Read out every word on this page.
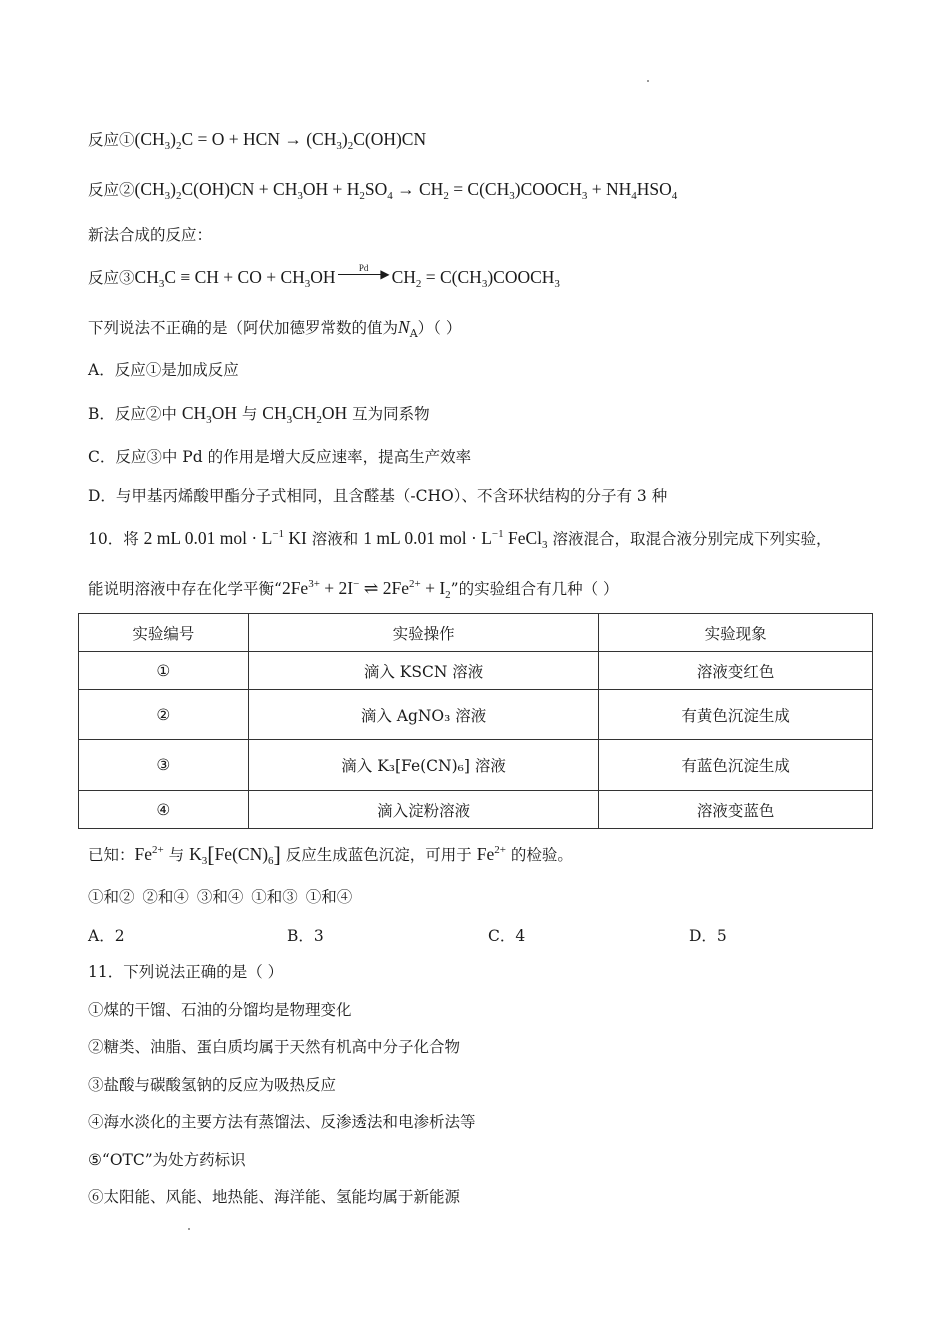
反应$①(CH_3)_2C = O$ + HCN → $(CH_3)_2C(OH)CN$
反应$②(CH_3)_2C(OH)CN + CH_3OH + H_2SO_4 \to CH_2$ = $C(CH_3)COOCH_3 + NH_4HSO_4$
新法合成的反应：
反应$③CH_3C$ ≡ CH + CO + $CH_3OH$	Pd	▶ $CH_2$ = $C(CH_3)COOCH_3$
下列说法不正确的是（阿伏加德罗常数的值为$N_A$）（ ）
A．反应①是加成反应
B．反应②中 $CH_3OH$ 与 $CH_3CH_2OH$ 互为同系物
C．反应③中 Pd 的作用是增大反应速率，提高生产效率
D．与甲基丙烯酸甲酯分子式相同，且含醛基（-CHO）、不含环状结构的分子有 3 种
10．将 2 mL 0.01 mol · $L^{-1}$ KI 溶液和 1 mL 0.01 mol · $L^{-1}$ FeCl$_3$ 溶液混合，取混合液分别完成下列实验，
能说明溶液中存在化学平衡“$2Fe^{3+} + 2I^-$ ⇌ $2Fe^{2+} + I_2$”的实验组合有几种（ ）
实验编号	实验操作	实验现象
①	滴入 KSCN 溶液	溶液变红色
②	滴入 AgNO₃ 溶液	有黄色沉淀生成
③	滴入 K₃[Fe(CN)₆] 溶液	有蓝色沉淀生成
④	滴入淀粉溶液	溶液变蓝色
已知：$Fe^{2+}$ 与 $K_3[Fe(CN)_6]$ 反应生成蓝色沉淀，可用于 $Fe^{2+}$ 的检验。
①和② ②和④ ③和④ ①和③ ①和④
A．2	B．3	C．4	D．5
11．下列说法正确的是（ ）
①煤的干馏、石油的分馏均是物理变化
②糖类、油脂、蛋白质均属于天然有机高中分子化合物
③盐酸与碳酸氢钠的反应为吸热反应
④海水淡化的主要方法有蒸馏法、反渗透法和电渗析法等
⑤“OTC”为处方药标识
⑥太阳能、风能、地热能、海洋能、氢能均属于新能源
